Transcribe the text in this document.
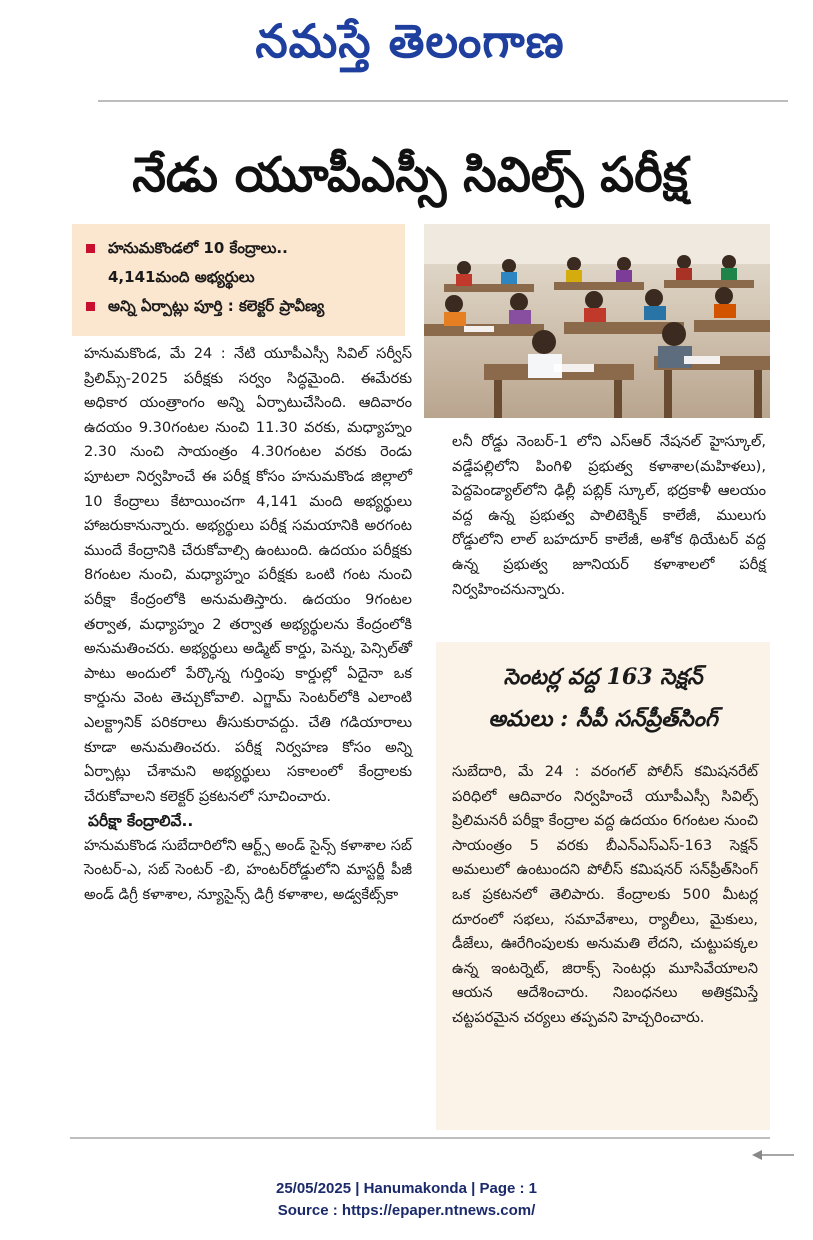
నమస్తే తెలంగాణ
నేడు యూపీఎస్సీ సివిల్స్ పరీక్ష

హనుమకొండలో 10 కేంద్రాలు..

4,141మంది అభ్యర్థులు

అన్ని ఏర్పాట్లు పూర్తి : కలెక్టర్ ప్రావీణ్య

హనుమకొండ, మే 24 : నేటి యూపీఎస్సీ సివిల్ సర్వీస్ ప్రిలిమ్స్-2025 పరీక్షకు సర్వం సిద్ధమైంది. ఈమేరకు అధికార యంత్రాంగం అన్ని ఏర్పాటుచేసింది. ఆదివారం ఉదయం 9.30గంటల నుంచి 11.30 వరకు, మధ్యాహ్నం 2.30 నుంచి సాయంత్రం 4.30గంటల వరకు రెండు పూటలా నిర్వహించే ఈ పరీక్ష కోసం హనుమకొండ జిల్లాలో 10 కేంద్రాలు కేటాయించగా 4,141 మంది అభ్యర్థులు హాజరుకానున్నారు. అభ్యర్థులు పరీక్ష సమయానికి అరగంట ముందే కేంద్రానికి చేరుకోవాల్సి ఉంటుంది. ఉదయం పరీక్షకు 8గంటల నుంచి, మధ్యాహ్నం పరీక్షకు ఒంటి గంట నుంచి పరీక్షా కేంద్రంలోకి అనుమతిస్తారు. ఉదయం 9గంటల తర్వాత, మధ్యాహ్నం 2 తర్వాత అభ్యర్థులను కేంద్రంలోకి అనుమతించరు. అభ్యర్థులు అడ్మిట్ కార్డు, పెన్ను, పెన్సిల్‌తో పాటు అందులో పేర్కొన్న గుర్తింపు కార్డుల్లో ఏదైనా ఒక కార్డును వెంట తెచ్చుకోవాలి. ఎగ్జామ్ సెంటర్‌లోకి ఎలాంటి ఎలక్ట్రానిక్ పరికరాలు తీసుకురావద్దు. చేతి గడియారాలు కూడా అనుమతించరు. పరీక్ష నిర్వహణ కోసం అన్ని ఏర్పాట్లు చేశామని అభ్యర్థులు సకాలంలో కేంద్రాలకు చేరుకోవాలని కలెక్టర్ ప్రకటనలో సూచించారు.

పరీక్షా కేంద్రాలివే..

హనుమకొండ సుబేదారిలోని ఆర్ట్స్ అండ్ సైన్స్ కళాశాల సబ్ సెంటర్-ఎ, సబ్ సెంటర్ -బి, హంటర్‌రోడ్డులోని మాస్టర్జీ పీజీ అండ్ డిగ్రీ కళాశాల, న్యూసైన్స్ డిగ్రీ కళాశాల, అడ్వకేట్స్‌కా

లనీ రోడ్డు నెంబర్-1 లోని ఎస్ఆర్ నేషనల్ హైస్కూల్, వడ్డేపల్లిలోని పింగిళి ప్రభుత్వ కళాశాల(మహిళలు), పెద్దపెండ్యాల్‌లోని ఢిల్లీ పబ్లిక్ స్కూల్, భద్రకాళీ ఆలయం వద్ద ఉన్న ప్రభుత్వ పాలిటెక్నిక్ కాలేజీ, ములుగు రోడ్డులోని లాల్ బహదూర్ కాలేజీ, అశోక థియేటర్ వద్ద ఉన్న ప్రభుత్వ జూనియర్ కళాశాలలో పరీక్ష నిర్వహించనున్నారు.

సెంటర్ల వద్ద 163 సెక్షన్
అమలు : సీపీ సన్‌ప్రీత్‌సింగ్

సుబేదారి, మే 24 : వరంగల్ పోలీస్ కమిషనరేట్ పరిధిలో ఆదివారం నిర్వహించే యూపీఎస్సీ సివిల్స్ ప్రిలిమనరీ పరీక్షా కేంద్రాల వద్ద ఉదయం 6గంటల నుంచి సాయంత్రం 5 వరకు బీఎన్ఎస్ఎస్-163 సెక్షన్ అమలులో ఉంటుందని పోలీస్ కమిషనర్ సన్‌ప్రీత్‌సింగ్ ఒక ప్రకటనలో తెలిపారు. కేంద్రాలకు 500 మీటర్ల దూరంలో సభలు, సమావేశాలు, ర్యాలీలు, మైకులు, డీజేలు, ఊరేగింపులకు అనుమతి లేదని, చుట్టుపక్కల ఉన్న ఇంటర్నెట్, జిరాక్స్ సెంటర్లు మూసివేయాలని ఆయన ఆదేశించారు. నిబంధనలు అతిక్రమిస్తే చట్టపరమైన చర్యలు తప్పవని హెచ్చరించారు.

25/05/2025 | Hanumakonda | Page : 1
Source : https://epaper.ntnews.com/
